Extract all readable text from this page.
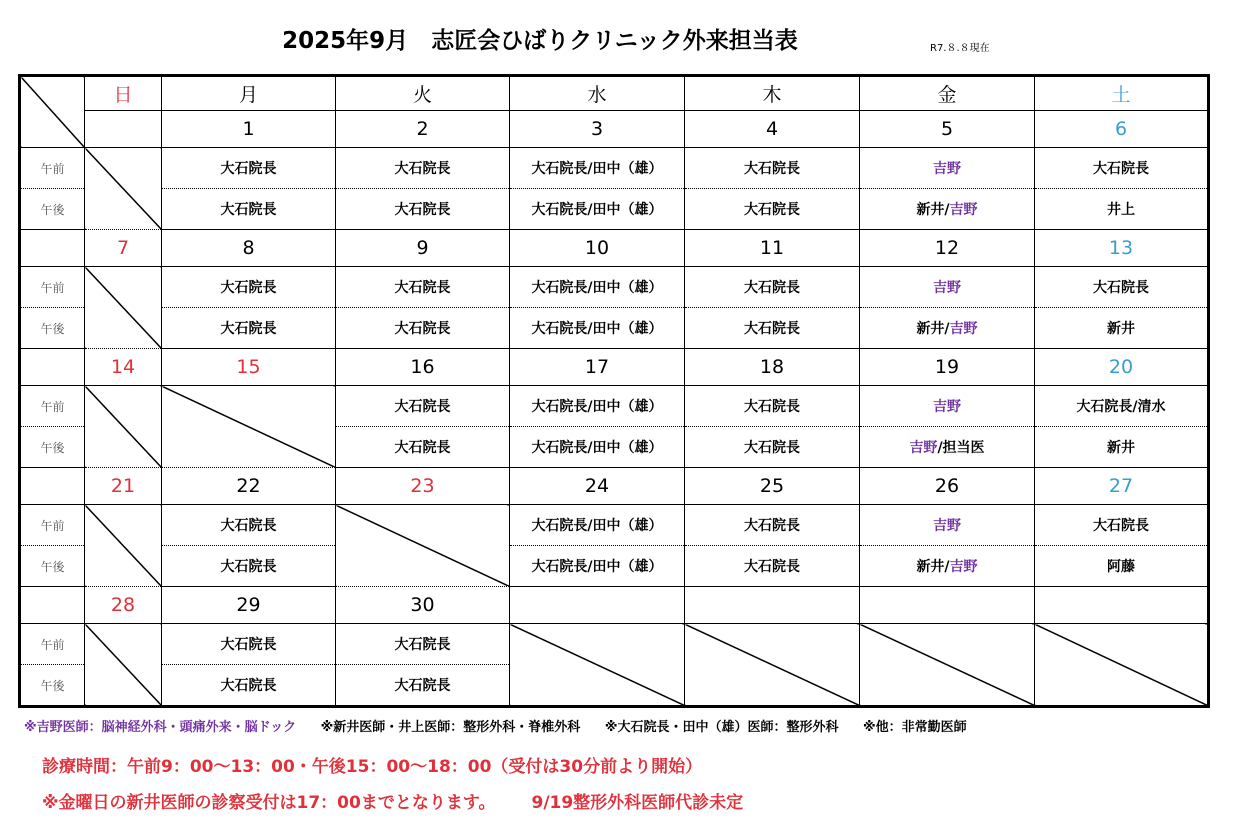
2025年9月　志匠会ひばりクリニック外来担当表	R7.８.８現在
	日	月	火	水	木	金	土
		1	2	3	4	5	6
午前		大石院長	大石院長	大石院長/田中（雄）	大石院長	吉野	大石院長
午後		大石院長	大石院長	大石院長/田中（雄）	大石院長	新井/吉野	井上
	7	8	9	10	11	12	13
午前		大石院長	大石院長	大石院長/田中（雄）	大石院長	吉野	大石院長
午後		大石院長	大石院長	大石院長/田中（雄）	大石院長	新井/吉野	新井
	14	15	16	17	18	19	20
午前			大石院長	大石院長/田中（雄）	大石院長	吉野	大石院長/清水
午後			大石院長	大石院長/田中（雄）	大石院長	吉野/担当医	新井
	21	22	23	24	25	26	27
午前		大石院長		大石院長/田中（雄）	大石院長	吉野	大石院長
午後		大石院長		大石院長/田中（雄）	大石院長	新井/吉野	阿藤
	28	29	30				
午前		大石院長	大石院長				
午後		大石院長	大石院長				
※吉野医師：脳神経外科・頭痛外来・脳ドック ※新井医師・井上医師：整形外科・脊椎外科 ※大石院長・田中（雄）医師：整形外科 ※他：非常勤医師
診療時間：午前9：00～13：00・午後15：00～18：00（受付は30分前より開始）
※金曜日の新井医師の診察受付は17：00までとなります。 9/19整形外科医師代診未定
